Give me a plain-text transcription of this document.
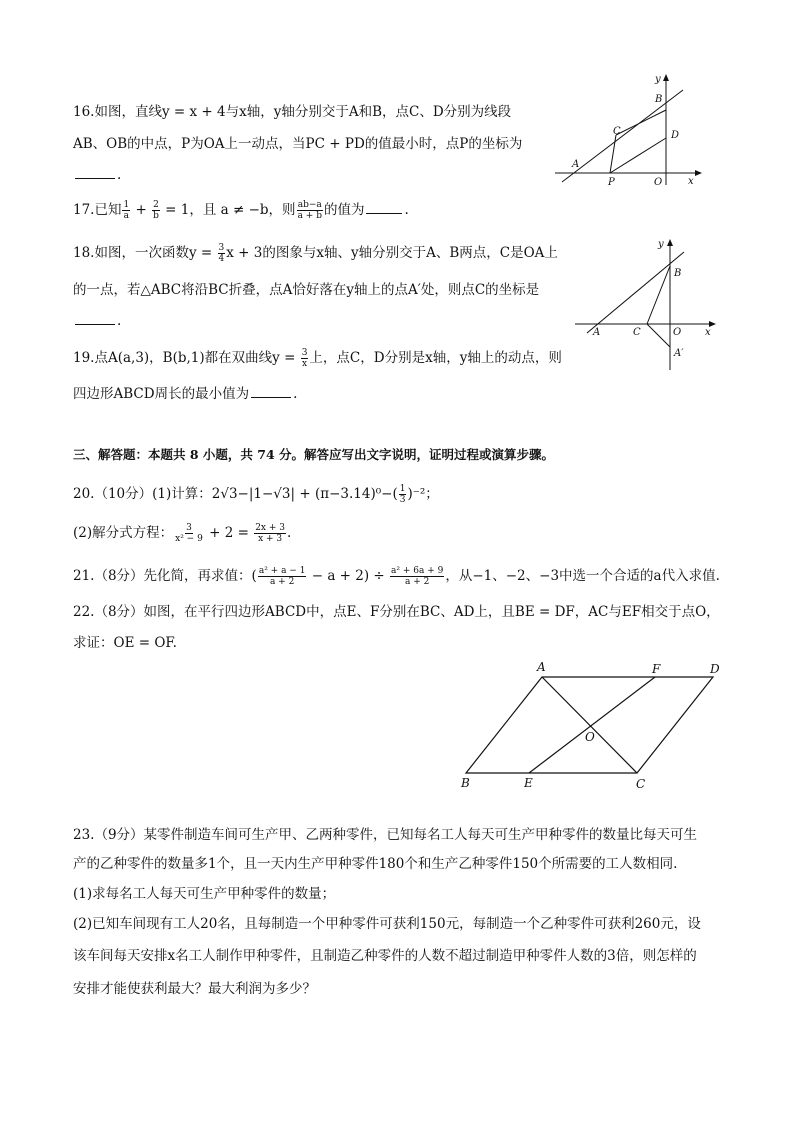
16.如图，直线y = x + 4与x轴，y轴分别交于A和B，点C、D分别为线段
AB、OB的中点，P为OA上一动点，当PC + PD的值最小时，点P的坐标为
.
17.已知 $\frac{1}{a} + \frac{2}{b} = 1$，且 a ≠ −b，则 $\frac{ab-a}{a + b}$ 的值为	.
18.如图，一次函数$y = \frac{3}{4}$ x + 3的图象与x轴、y轴分别交于A、B两点，C是OA上
的一点，若△ABC将沿BC折叠，点A恰好落在y轴上的点A′处，则点C的坐标是
.
19.点A(a,3)，B(b,1)都在双曲线$y = \frac{3}{x}$ 上，点C，D分别是x轴，y轴上的动点，则
四边形ABCD周长的最小值为	.
三、解答题：本题共 8 小题，共 74 分。解答应写出文字说明，证明过程或演算步骤。
20.（10分）(1)计算：$2√3-|1-√3| + (\pi-3.14)^0-( \frac{1}{3} )^{-2}$；
(2)解分式方程： $\frac{3}{\text{x² − 9}} + 2 = \frac{2x + 3}{x + 3}$ .
21.（8分）先化简，再求值：( $\frac{\text{a² + a − 1}}{a + 2} - a + 2) \div \frac{\text{a² + 6a + 9}}{a + 2}$ ，从−1、−2、−3中选一个合适的a代入求值.
22.（8分）如图，在平行四边形ABCD中，点E、F分别在BC、AD上，且BE = DF，AC与EF相交于点O，
求证：OE = OF.
23.（9分）某零件制造车间可生产甲、乙两种零件，已知每名工人每天可生产甲种零件的数量比每天可生
产的乙种零件的数量多1个，且一天内生产甲种零件180个和生产乙种零件150个所需要的工人数相同.
(1)求每名工人每天可生产甲种零件的数量；
(2)已知车间现有工人20名，且每制造一个甲种零件可获利150元，每制造一个乙种零件可获利260元，设
该车间每天安排x名工人制作甲种零件，且制造乙种零件的人数不超过制造甲种零件人数的3倍，则怎样的
安排才能使获利最大？最大利润为多少？
y
x
B
C	D
A
P	O
y
x
B
A	C	O
A′
A	F	D
O
B	E	C
